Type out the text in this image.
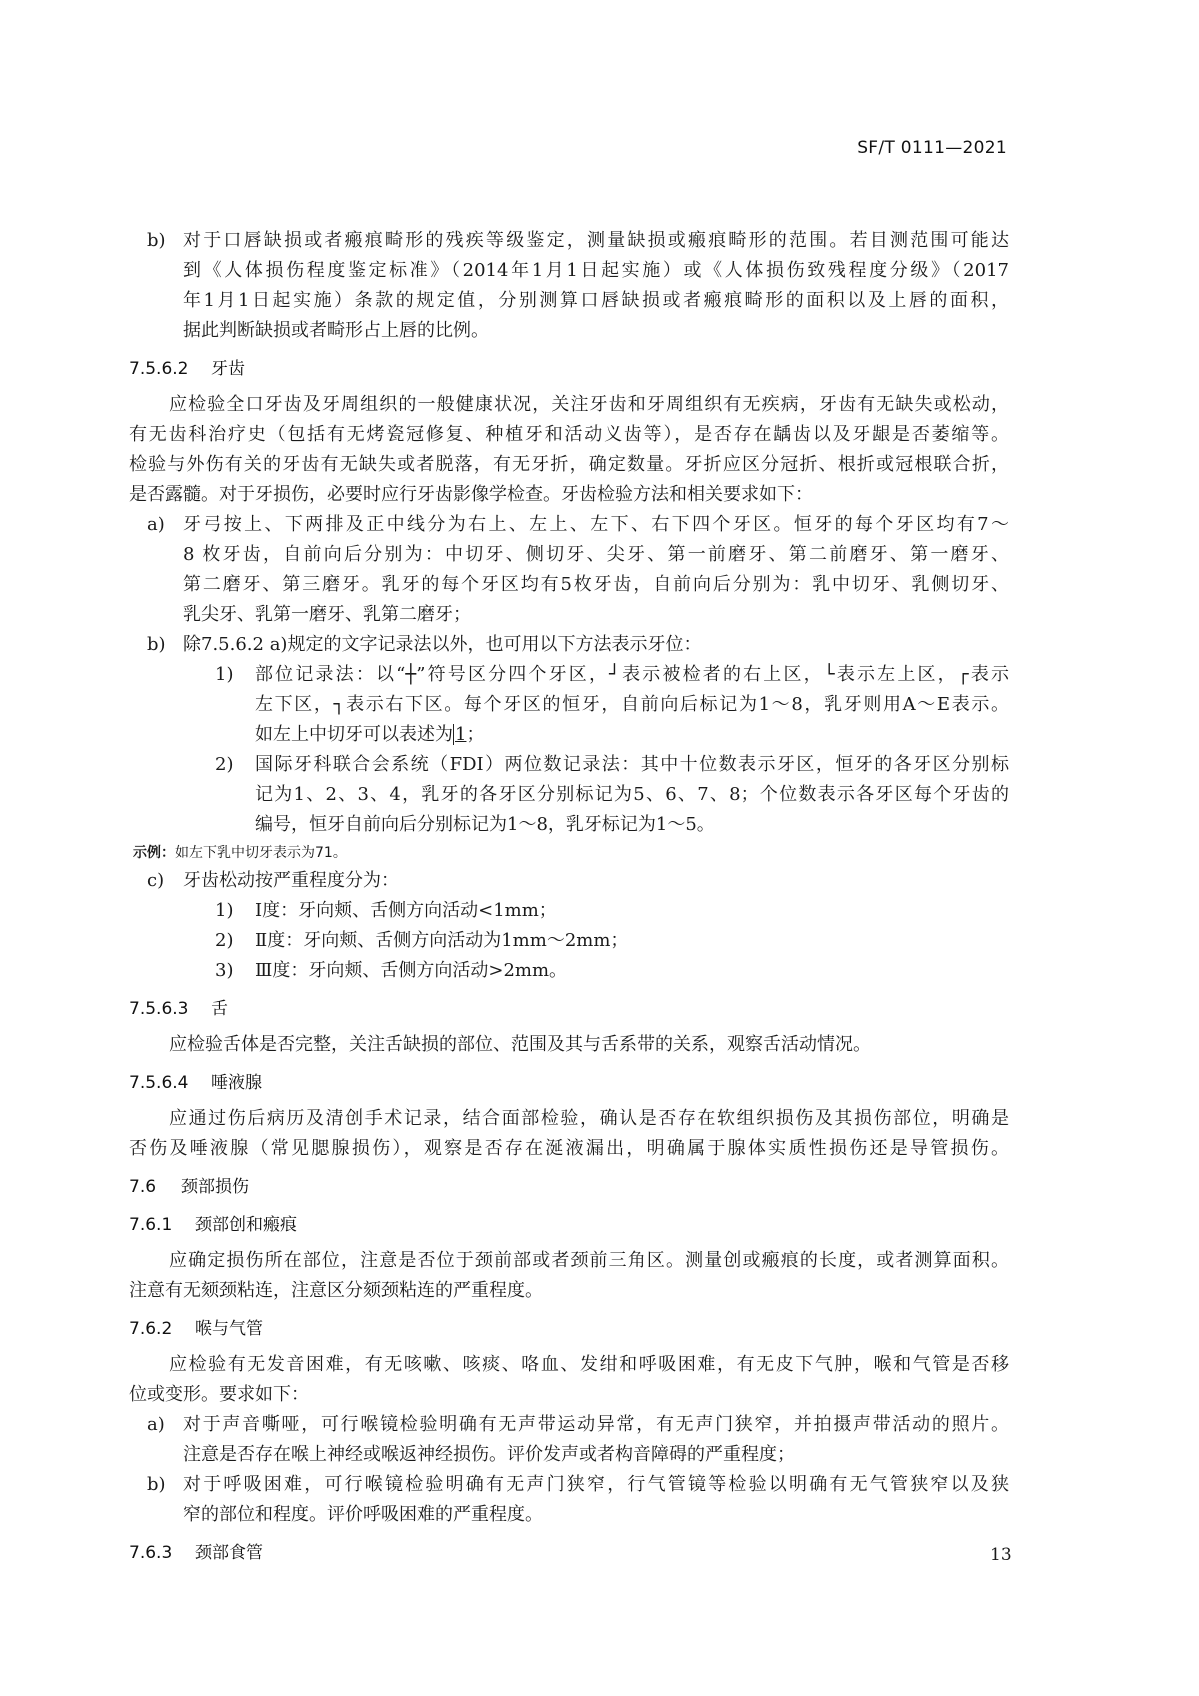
SF/T 0111—2021
b) 对于口唇缺损或者瘢痕畸形的残疾等级鉴定，测量缺损或瘢痕畸形的范围。若目测范围可能达
到《人体损伤程度鉴定标准》（2014年1月1日起实施）或《人体损伤致残程度分级》（2017
年1月1日起实施）条款的规定值，分别测算口唇缺损或者瘢痕畸形的面积以及上唇的面积，
据此判断缺损或者畸形占上唇的比例。
7.5.6.2 牙齿
应检验全口牙齿及牙周组织的一般健康状况，关注牙齿和牙周组织有无疾病，牙齿有无缺失或松动，
有无齿科治疗史（包括有无烤瓷冠修复、种植牙和活动义齿等），是否存在龋齿以及牙龈是否萎缩等。
检验与外伤有关的牙齿有无缺失或者脱落，有无牙折，确定数量。牙折应区分冠折、根折或冠根联合折，
是否露髓。对于牙损伤，必要时应行牙齿影像学检查。牙齿检验方法和相关要求如下：
a) 牙弓按上、下两排及正中线分为右上、左上、左下、右下四个牙区。恒牙的每个牙区均有7～
8 枚牙齿，自前向后分别为：中切牙、侧切牙、尖牙、第一前磨牙、第二前磨牙、第一磨牙、
第二磨牙、第三磨牙。乳牙的每个牙区均有5枚牙齿，自前向后分别为：乳中切牙、乳侧切牙、
乳尖牙、乳第一磨牙、乳第二磨牙；
b) 除7.5.6.2 a)规定的文字记录法以外，也可用以下方法表示牙位：
1) 部位记录法：以“┼”符号区分四个牙区，┘表示被检者的右上区，└表示左上区，┌表示
左下区，┐表示右下区。每个牙区的恒牙，自前向后标记为1～8，乳牙则用A～E表示。
如左上中切牙可以表述为 1；
2) 国际牙科联合会系统（FDI）两位数记录法：其中十位数表示牙区，恒牙的各牙区分别标
记为1、2、3、4，乳牙的各牙区分别标记为5、6、7、8；个位数表示各牙区每个牙齿的
编号，恒牙自前向后分别标记为1～8，乳牙标记为1～5。
示例：如左下乳中切牙表示为71。
c) 牙齿松动按严重程度分为：
1) Ⅰ度：牙向颊、舌侧方向活动<1mm；
2) Ⅱ度：牙向颊、舌侧方向活动为1mm～2mm；
3) Ⅲ度：牙向颊、舌侧方向活动>2mm。
7.5.6.3 舌
应检验舌体是否完整，关注舌缺损的部位、范围及其与舌系带的关系，观察舌活动情况。
7.5.6.4 唾液腺
应通过伤后病历及清创手术记录，结合面部检验，确认是否存在软组织损伤及其损伤部位，明确是
否伤及唾液腺（常见腮腺损伤），观察是否存在涎液漏出，明确属于腺体实质性损伤还是导管损伤。
7.6 颈部损伤
7.6.1 颈部创和瘢痕
应确定损伤所在部位，注意是否位于颈前部或者颈前三角区。测量创或瘢痕的长度，或者测算面积。
注意有无颏颈粘连，注意区分颏颈粘连的严重程度。
7.6.2 喉与气管
应检验有无发音困难，有无咳嗽、咳痰、咯血、发绀和呼吸困难，有无皮下气肿，喉和气管是否移
位或变形。要求如下：
a) 对于声音嘶哑，可行喉镜检验明确有无声带运动异常，有无声门狭窄，并拍摄声带活动的照片。
注意是否存在喉上神经或喉返神经损伤。评价发声或者构音障碍的严重程度；
b) 对于呼吸困难，可行喉镜检验明确有无声门狭窄，行气管镜等检验以明确有无气管狭窄以及狭
窄的部位和程度。评价呼吸困难的严重程度。
7.6.3 颈部食管	13
